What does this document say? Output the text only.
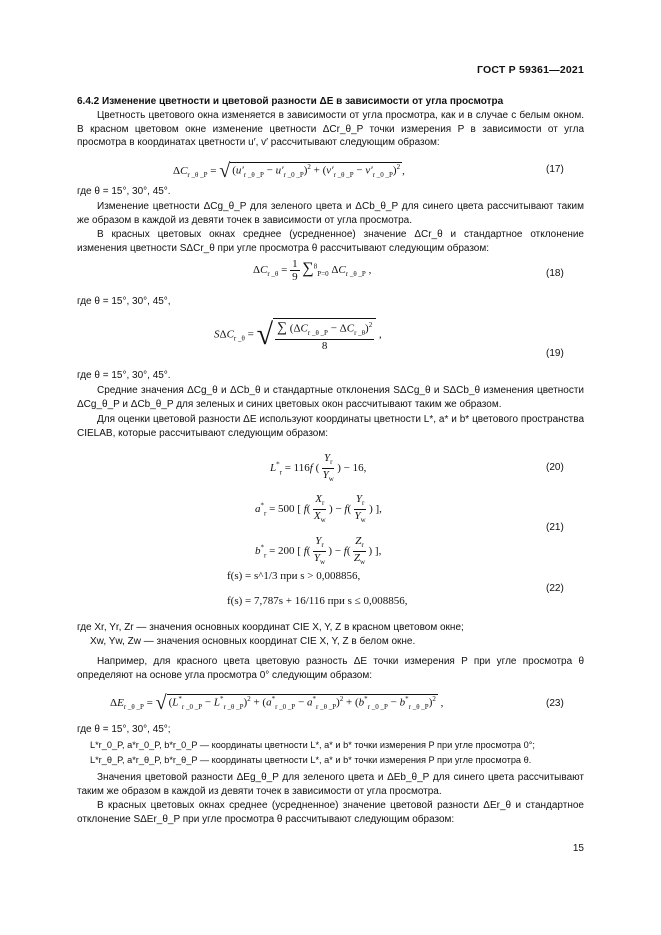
ГОСТ Р 59361—2021
6.4.2 Изменение цветности и цветовой разности ΔE в зависимости от угла просмотра
Цветность цветового окна изменяется в зависимости от угла просмотра, как и в случае с белым окном. В красном цветовом окне изменение цветности ΔCr_θ_P точки измерения P в зависимости от угла просмотра в координатах цветности u′, v′ рассчитывают следующим образом:
$\Delta C_{r \_\theta \_P}$ = √ $(u'_{r \_\theta \_P} - u'_{r \_0 \_P})^2 + (v'_{r \_\theta \_P} - v'_{r \_0 \_P})^2$ ,	(17)
где θ = 15°, 30°, 45°.
Изменение цветности ΔCg_θ_P для зеленого цвета и ΔCb_θ_P для синего цвета рассчитывают таким же образом в каждой из девяти точек в зависимости от угла просмотра.
В красных цветовых окнах среднее (усредненное) значение ΔCr_θ и стандартное отклонение изменения цветности SΔCr_θ при угле просмотра θ рассчитывают следующим образом:
$\Delta C_{r \_\theta} = \frac{1}{9} \sum^8_{P=0}$ $\Delta C_{r \_\theta \_P}$ ,	(18)
где θ = 15°, 30°, 45°,
$S\Delta C_{r \_\theta}$ = √ $\frac{\sum (\Delta C_{r \_\theta \_P} - \Delta C_{r \_\theta})^2}{8}$ ,
(19)
где θ = 15°, 30°, 45°.
Средние значения ΔCg_θ и ΔCb_θ и стандартные отклонения SΔCg_θ и SΔCb_θ изменения цветности ΔCg_θ_P и ΔCb_θ_P для зеленых и синих цветовых окон рассчитывают таким же образом.
Для оценки цветовой разности ΔE используют координаты цветности L*, a* и b* цветового пространства CIELAB, которые рассчитывают следующим образом:
$L^*_r = 116f$ ( $\frac{Y_r}{Y_w}$ ) − 16,	(20)
$a^*_r = 500$ [ $f( \frac{X_r}{X_w}$ ) − $f( \frac{Y_r}{Y_w}$ ) ],
$b^*_r = 200$ [ $f( \frac{Y_r}{Y_w}$ ) − $f( \frac{Z_r}{Z_w}$ ) ],
(21)
f(s) = s^1/3 при s > 0,008856,
f(s) = 7,787s + 16/116 при s ≤ 0,008856,
(22)
где Xr, Yr, Zr — значения основных координат CIE X, Y, Z в красном цветовом окне;
Xw, Yw, Zw — значения основных координат CIE X, Y, Z в белом окне.
Например, для красного цвета цветовую разность ΔE точки измерения P при угле просмотра θ определяют на основе угла просмотра 0° следующим образом:
$\Delta E_{r \_\theta \_P}$ = √ $(L^*_{r \_0 \_P} - L^*_{r \_\theta \_P})^2 + (a^*_{r \_0 \_P} - a^*_{r \_\theta \_P})^2 + (b^*_{r \_0 \_P} - b^*_{r \_\theta \_P})^2$ ,	(23)
где θ = 15°, 30°, 45°;
L*r_0_P, a*r_0_P, b*r_0_P — координаты цветности L*, a* и b* точки измерения P при угле просмотра 0°;
L*r_θ_P, a*r_θ_P, b*r_θ_P — координаты цветности L*, a* и b* точки измерения P при угле просмотра θ.
Значения цветовой разности ΔEg_θ_P для зеленого цвета и ΔEb_θ_P для синего цвета рассчитывают таким же образом в каждой из девяти точек в зависимости от угла просмотра.
В красных цветовых окнах среднее (усредненное) значение цветовой разности ΔEr_θ и стандартное отклонение SΔEr_θ_P при угле просмотра θ рассчитывают следующим образом:
15
